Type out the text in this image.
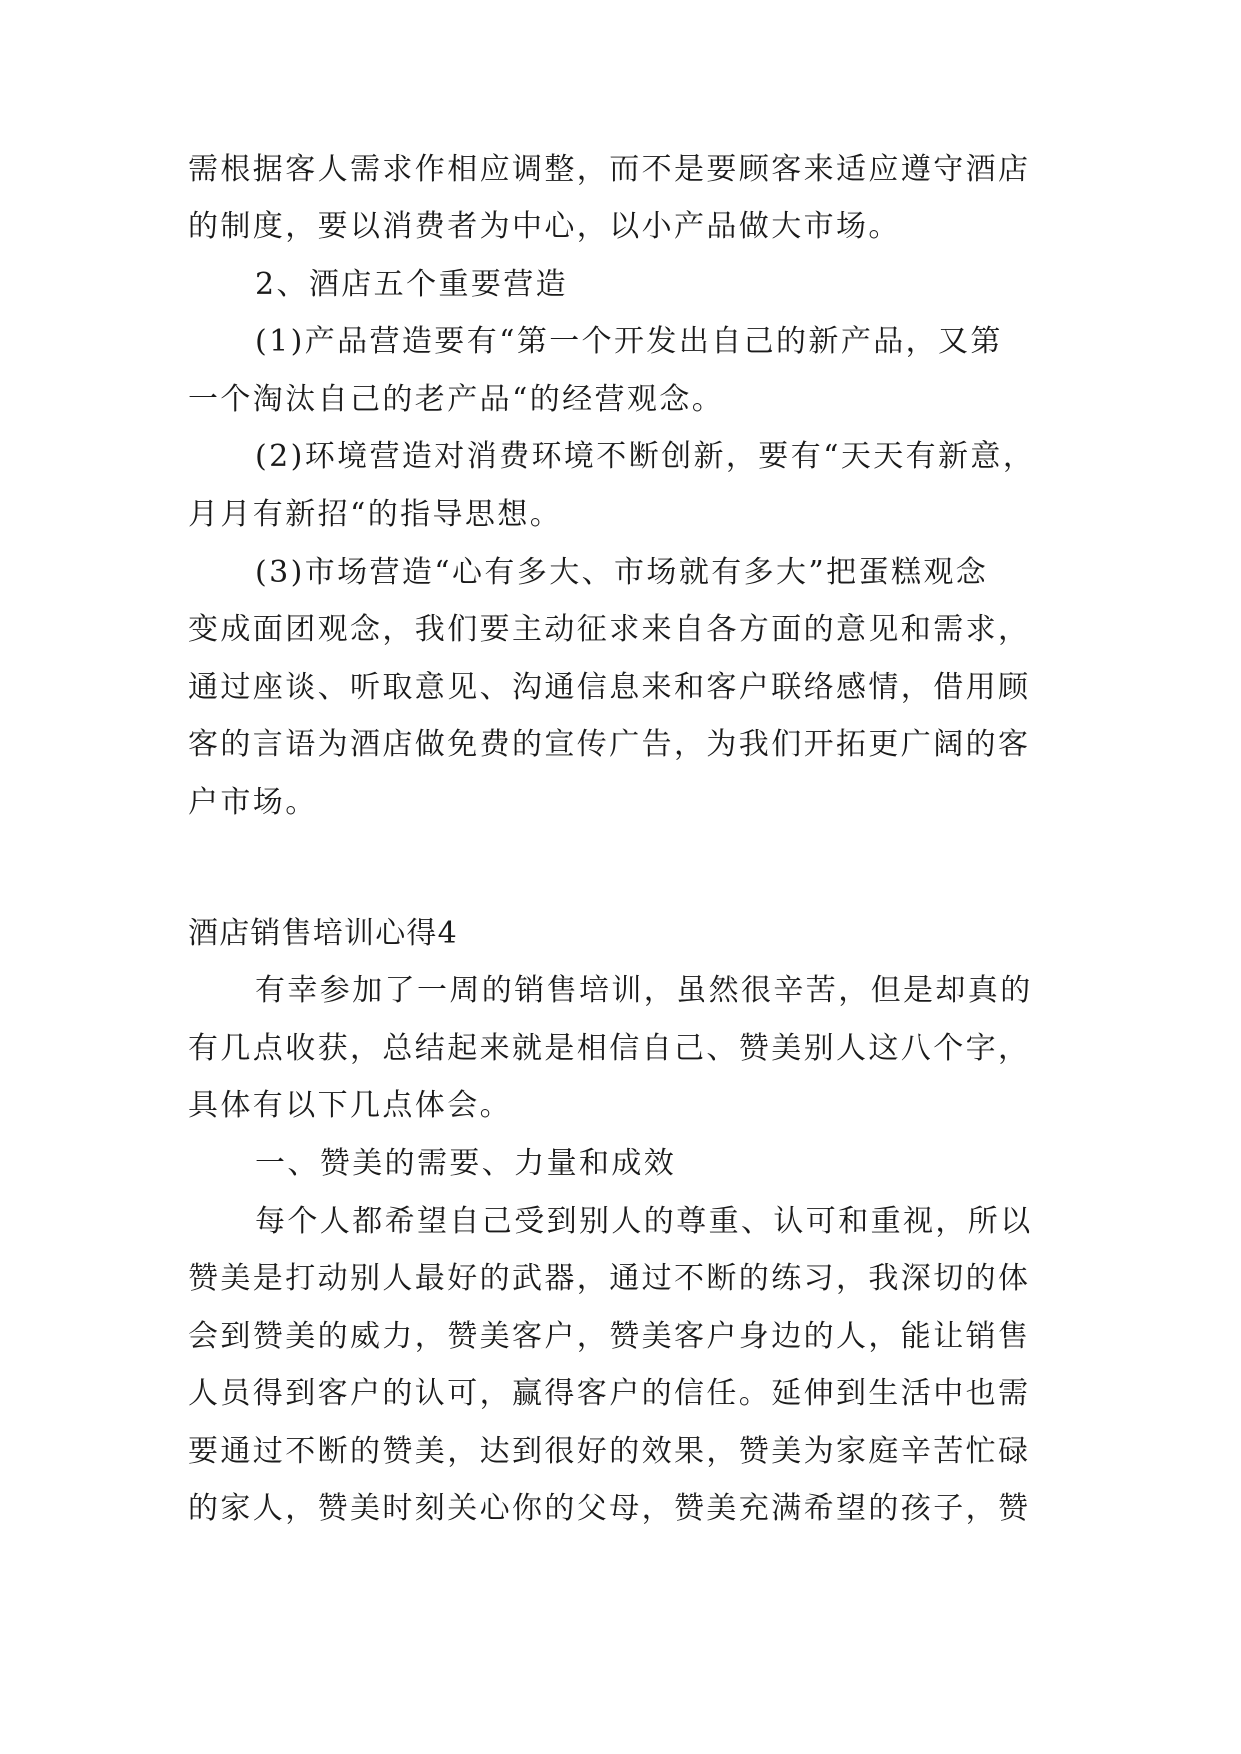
需根据客人需求作相应调整，而不是要顾客来适应遵守酒店
的制度，要以消费者为中心，以小产品做大市场。
2、酒店五个重要营造
(1)产品营造要有“第一个开发出自己的新产品，又第
一个淘汰自己的老产品“的经营观念。
(2)环境营造对消费环境不断创新，要有“天天有新意，
月月有新招“的指导思想。
(3)市场营造“心有多大、市场就有多大”把蛋糕观念
变成面团观念，我们要主动征求来自各方面的意见和需求，
通过座谈、听取意见、沟通信息来和客户联络感情，借用顾
客的言语为酒店做免费的宣传广告，为我们开拓更广阔的客
户市场。
酒店销售培训心得4
有幸参加了一周的销售培训，虽然很辛苦，但是却真的
有几点收获，总结起来就是相信自己、赞美别人这八个字，
具体有以下几点体会。
一、赞美的需要、力量和成效
每个人都希望自己受到别人的尊重、认可和重视，所以
赞美是打动别人最好的武器，通过不断的练习，我深切的体
会到赞美的威力，赞美客户，赞美客户身边的人，能让销售
人员得到客户的认可，赢得客户的信任。延伸到生活中也需
要通过不断的赞美，达到很好的效果，赞美为家庭辛苦忙碌
的家人，赞美时刻关心你的父母，赞美充满希望的孩子，赞
